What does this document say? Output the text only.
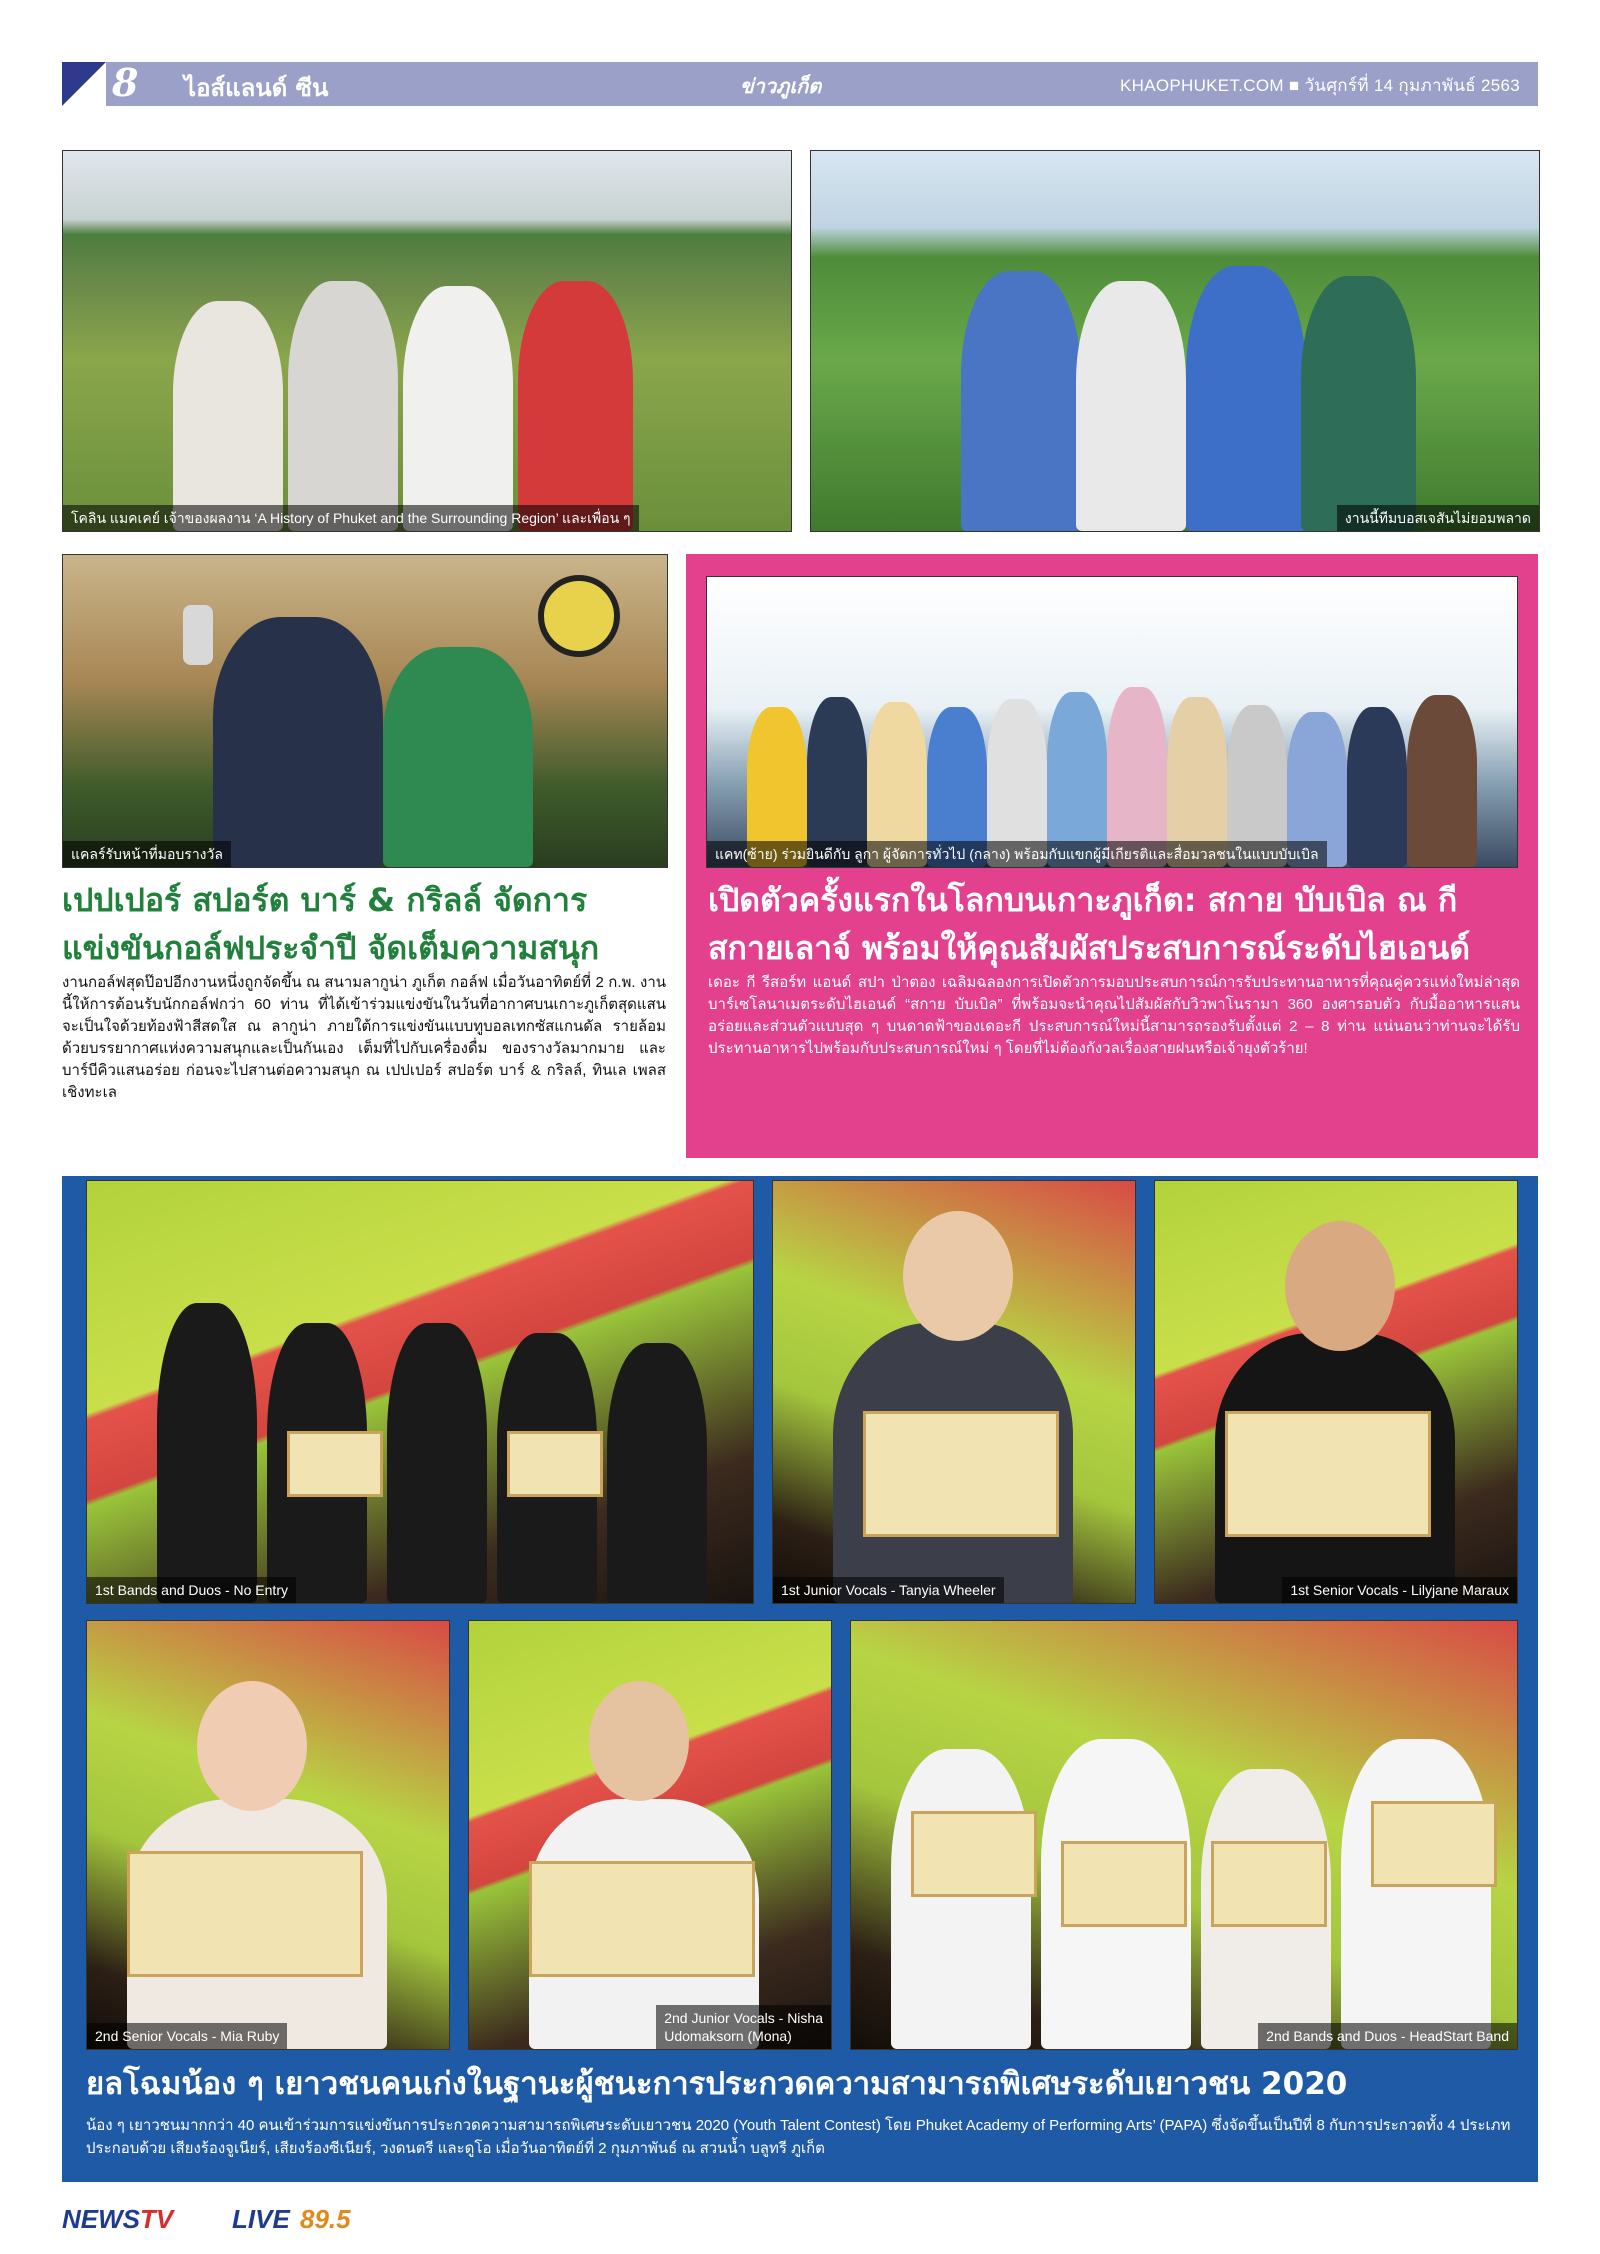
8 ไอส์แลนด์ ซีน	ข่าวภูเก็ต	KHAOPHUKET.COM ■ วันศุกร์ที่ 14 กุมภาพันธ์ 2563
โคลิน แมคเคย์ เจ้าของผลงาน ‘A History of Phuket and the Surrounding Region’ และเพื่อน ๆ	งานนี้ทีมบอสเจสันไม่ยอมพลาด
แคลร์รับหน้าที่มอบรางวัล	แคท(ซ้าย) ร่วมยินดีกับ ลูกา ผู้จัดการทั่วไป (กลาง) พร้อมกับแขกผู้มีเกียรติและสื่อมวลชนในแบบบับเบิล
เปปเปอร์ สปอร์ต บาร์ & กริลล์ จัดการแข่งขันกอล์ฟประจำปี จัดเต็มความสนุก
งานกอล์ฟสุดป๊อปอีกงานหนึ่งถูกจัดขึ้น ณ สนามลากูน่า ภูเก็ต กอล์ฟ เมื่อวันอาทิตย์ที่ 2 ก.พ. งานนี้ให้การต้อนรับนักกอล์ฟกว่า 60 ท่าน ที่ได้เข้าร่วมแข่งขันในวันที่อากาศบนเกาะภูเก็ตสุดแสนจะเป็นใจด้วยท้องฟ้าสีสดใส ณ ลากูน่า ภายใต้การแข่งขันแบบทูบอลเทกซัสแกนดัล รายล้อมด้วยบรรยากาศแห่งความสนุกและเป็นกันเอง เต็มที่ไปกับเครื่องดื่ม ของรางวัลมากมาย และบาร์บีคิวแสนอร่อย ก่อนจะไปสานต่อความสนุก ณ เปปเปอร์ สปอร์ต บาร์ & กริลล์, ทินเล เพลส เชิงทะเล
เปิดตัวครั้งแรกในโลกบนเกาะภูเก็ต: สกาย บับเบิล ณ กี สกายเลาจ์ พร้อมให้คุณสัมผัสประสบการณ์ระดับไฮเอนด์
เดอะ กี รีสอร์ท แอนด์ สปา ป่าตอง เฉลิมฉลองการเปิดตัวการมอบประสบการณ์การรับประทานอาหารที่คุณคู่ควรแห่งใหม่ล่าสุด บาร์เซโลนาเมตระดับไฮเอนด์ “สกาย บับเบิล” ที่พร้อมจะนำคุณไปสัมผัสกับวิวพาโนรามา 360 องศารอบตัว กับมื้ออาหารแสนอร่อยและส่วนตัวแบบสุด ๆ บนดาดฟ้าของเดอะกี ประสบการณ์ใหม่นี้สามารถรองรับตั้งแต่ 2 – 8 ท่าน แน่นอนว่าท่านจะได้รับประทานอาหารไปพร้อมกับประสบการณ์ใหม่ ๆ โดยที่ไม่ต้องกังวลเรื่องสายฝนหรือเจ้ายุงตัวร้าย!
1st Bands and Duos - No Entry	1st Junior Vocals - Tanyia Wheeler	1st Senior Vocals - Lilyjane Maraux
2nd Senior Vocals - Mia Ruby
2nd Junior Vocals - Nisha
Udomaksorn (Mona)	2nd Bands and Duos - HeadStart Band
ยลโฉมน้อง ๆ เยาวชนคนเก่งในฐานะผู้ชนะการประกวดความสามารถพิเศษระดับเยาวชน 2020
น้อง ๆ เยาวชนมากกว่า 40 คนเข้าร่วมการแข่งขันการประกวดความสามารถพิเศษระดับเยาวชน 2020 (Youth Talent Contest) โดย Phuket Academy of Performing Arts’ (PAPA) ซึ่งจัดขึ้นเป็นปีที่ 8 กับการประกวดทั้ง 4 ประเภทประกอบด้วย เสียงร้องจูเนียร์, เสียงร้องซีเนียร์, วงดนตรี และดูโอ เมื่อวันอาทิตย์ที่ 2 กุมภาพันธ์ ณ สวนน้ำ บลูทรี ภูเก็ต
NEWS TV LIVE 89.5
